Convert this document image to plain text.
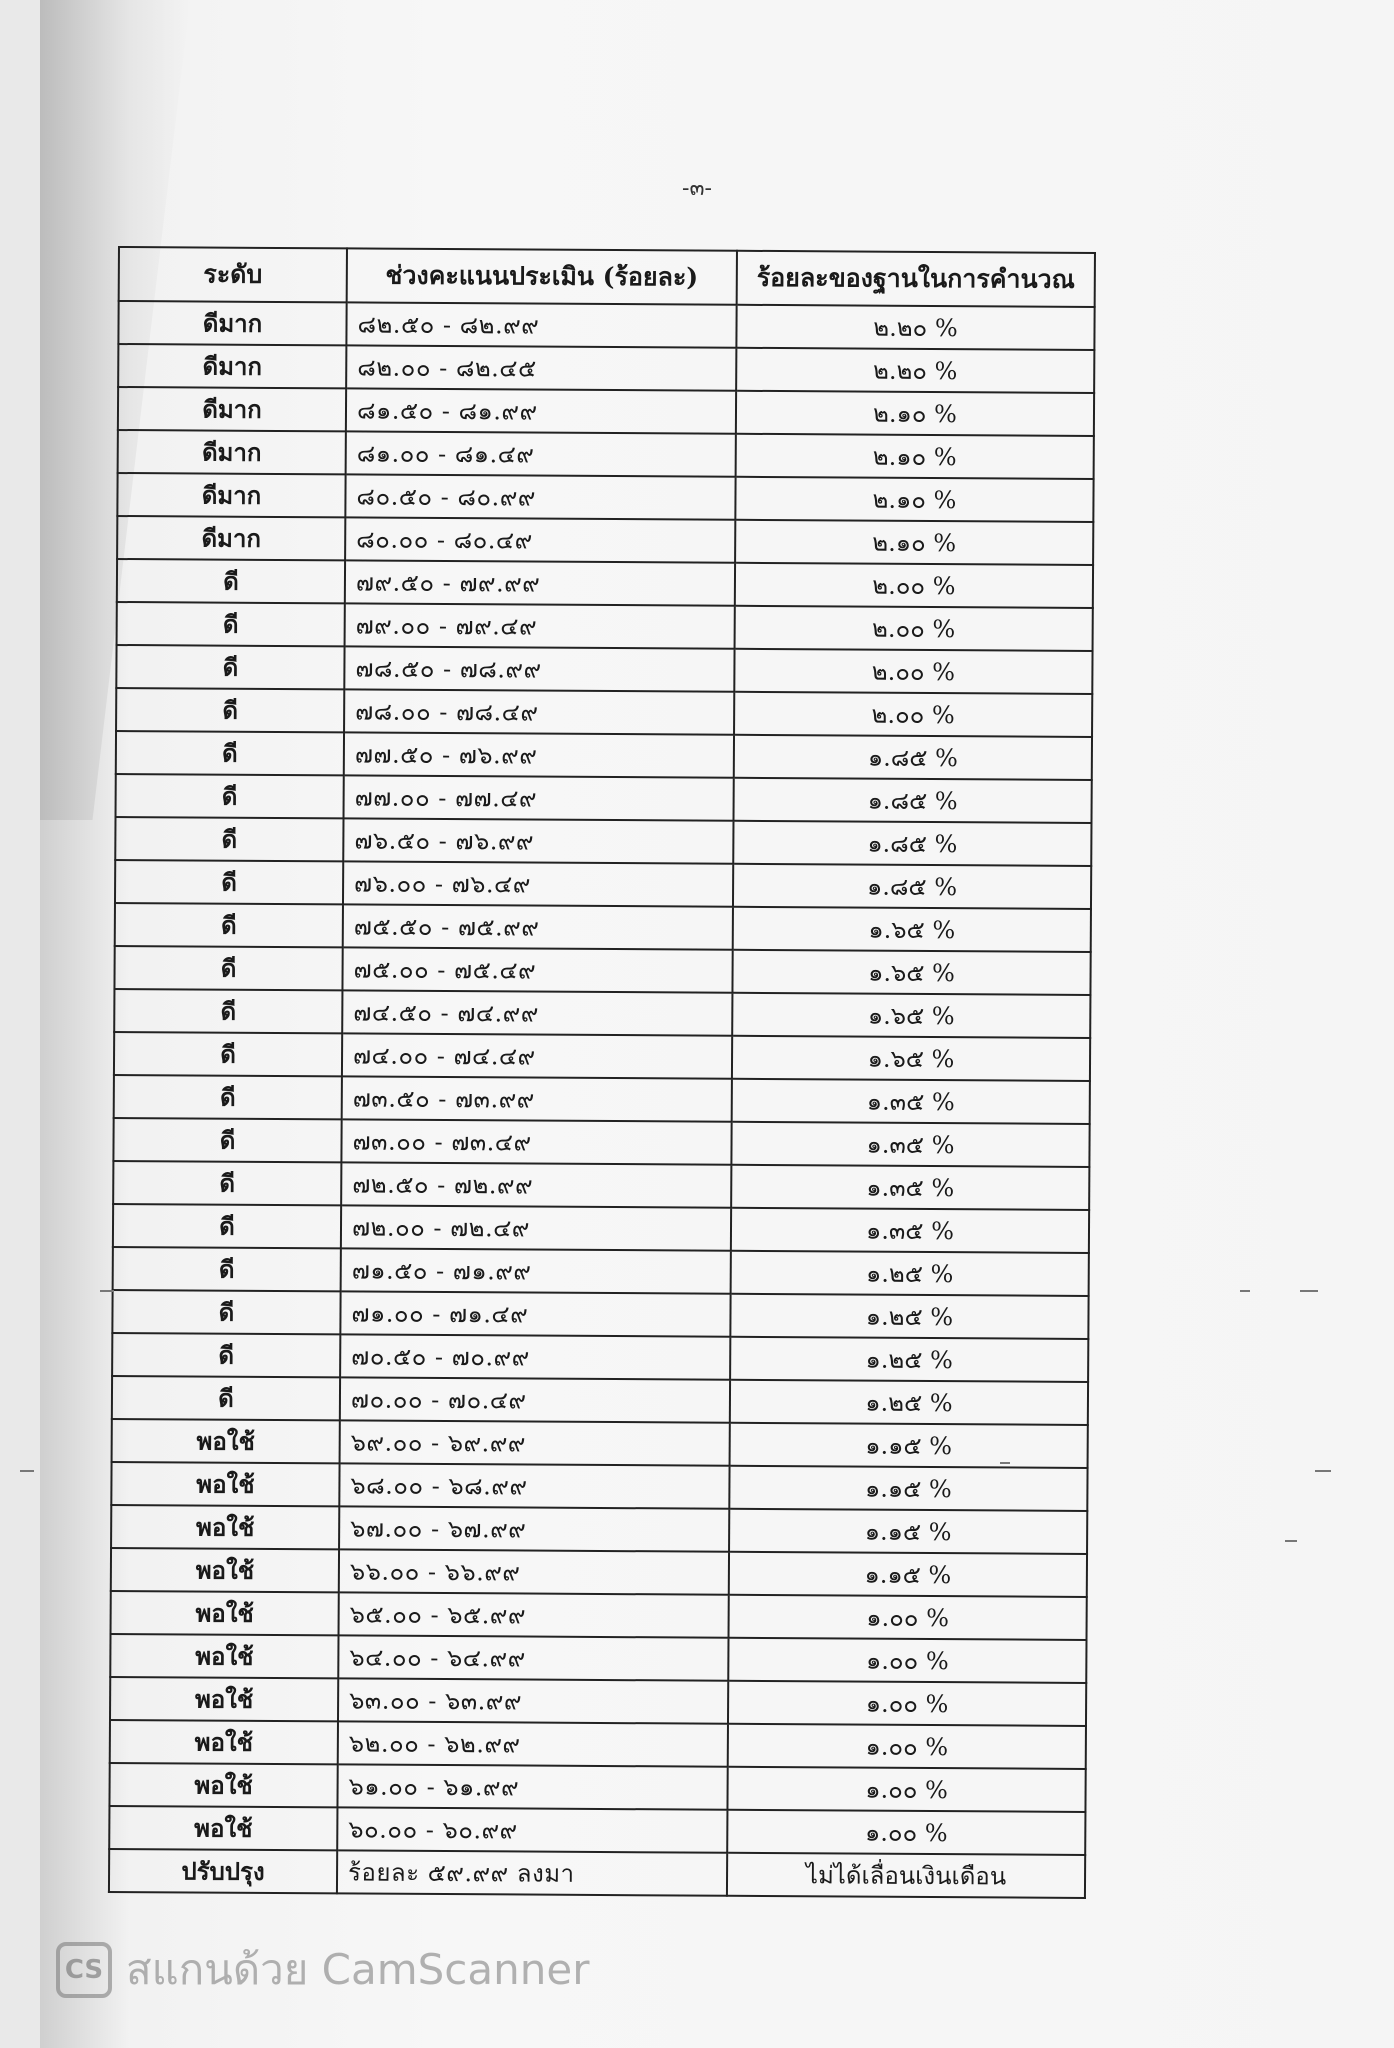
-๓-
ระดับ	ช่วงคะแนนประเมิน (ร้อยละ)	ร้อยละของฐานในการคำนวณ
ดีมาก	๘๒.๕๐ - ๘๒.๙๙	๒.๒๐ %
ดีมาก	๘๒.๐๐ - ๘๒.๔๕	๒.๒๐ %
ดีมาก	๘๑.๕๐ - ๘๑.๙๙	๒.๑๐ %
ดีมาก	๘๑.๐๐ - ๘๑.๔๙	๒.๑๐ %
ดีมาก	๘๐.๕๐ - ๘๐.๙๙	๒.๑๐ %
ดีมาก	๘๐.๐๐ - ๘๐.๔๙	๒.๑๐ %
ดี	๗๙.๕๐ - ๗๙.๙๙	๒.๐๐ %
ดี	๗๙.๐๐ - ๗๙.๔๙	๒.๐๐ %
ดี	๗๘.๕๐ - ๗๘.๙๙	๒.๐๐ %
ดี	๗๘.๐๐ - ๗๘.๔๙	๒.๐๐ %
ดี	๗๗.๕๐ - ๗๖.๙๙	๑.๘๕ %
ดี	๗๗.๐๐ - ๗๗.๔๙	๑.๘๕ %
ดี	๗๖.๕๐ - ๗๖.๙๙	๑.๘๕ %
ดี	๗๖.๐๐ - ๗๖.๔๙	๑.๘๕ %
ดี	๗๕.๕๐ - ๗๕.๙๙	๑.๖๕ %
ดี	๗๕.๐๐ - ๗๕.๔๙	๑.๖๕ %
ดี	๗๔.๕๐ - ๗๔.๙๙	๑.๖๕ %
ดี	๗๔.๐๐ - ๗๔.๔๙	๑.๖๕ %
ดี	๗๓.๕๐ - ๗๓.๙๙	๑.๓๕ %
ดี	๗๓.๐๐ - ๗๓.๔๙	๑.๓๕ %
ดี	๗๒.๕๐ - ๗๒.๙๙	๑.๓๕ %
ดี	๗๒.๐๐ - ๗๒.๔๙	๑.๓๕ %
ดี	๗๑.๕๐ - ๗๑.๙๙	๑.๒๕ %
ดี	๗๑.๐๐ - ๗๑.๔๙	๑.๒๕ %
ดี	๗๐.๕๐ - ๗๐.๙๙	๑.๒๕ %
ดี	๗๐.๐๐ - ๗๐.๔๙	๑.๒๕ %
พอใช้	๖๙.๐๐ - ๖๙.๙๙	๑.๑๕ %
พอใช้	๖๘.๐๐ - ๖๘.๙๙	๑.๑๕ %
พอใช้	๖๗.๐๐ - ๖๗.๙๙	๑.๑๕ %
พอใช้	๖๖.๐๐ - ๖๖.๙๙	๑.๑๕ %
พอใช้	๖๕.๐๐ - ๖๕.๙๙	๑.๐๐ %
พอใช้	๖๔.๐๐ - ๖๔.๙๙	๑.๐๐ %
พอใช้	๖๓.๐๐ - ๖๓.๙๙	๑.๐๐ %
พอใช้	๖๒.๐๐ - ๖๒.๙๙	๑.๐๐ %
พอใช้	๖๑.๐๐ - ๖๑.๙๙	๑.๐๐ %
พอใช้	๖๐.๐๐ - ๖๐.๙๙	๑.๐๐ %
ปรับปรุง	ร้อยละ ๕๙.๙๙ ลงมา	ไม่ได้เลื่อนเงินเดือน
CS สแกนด้วย CamScanner
